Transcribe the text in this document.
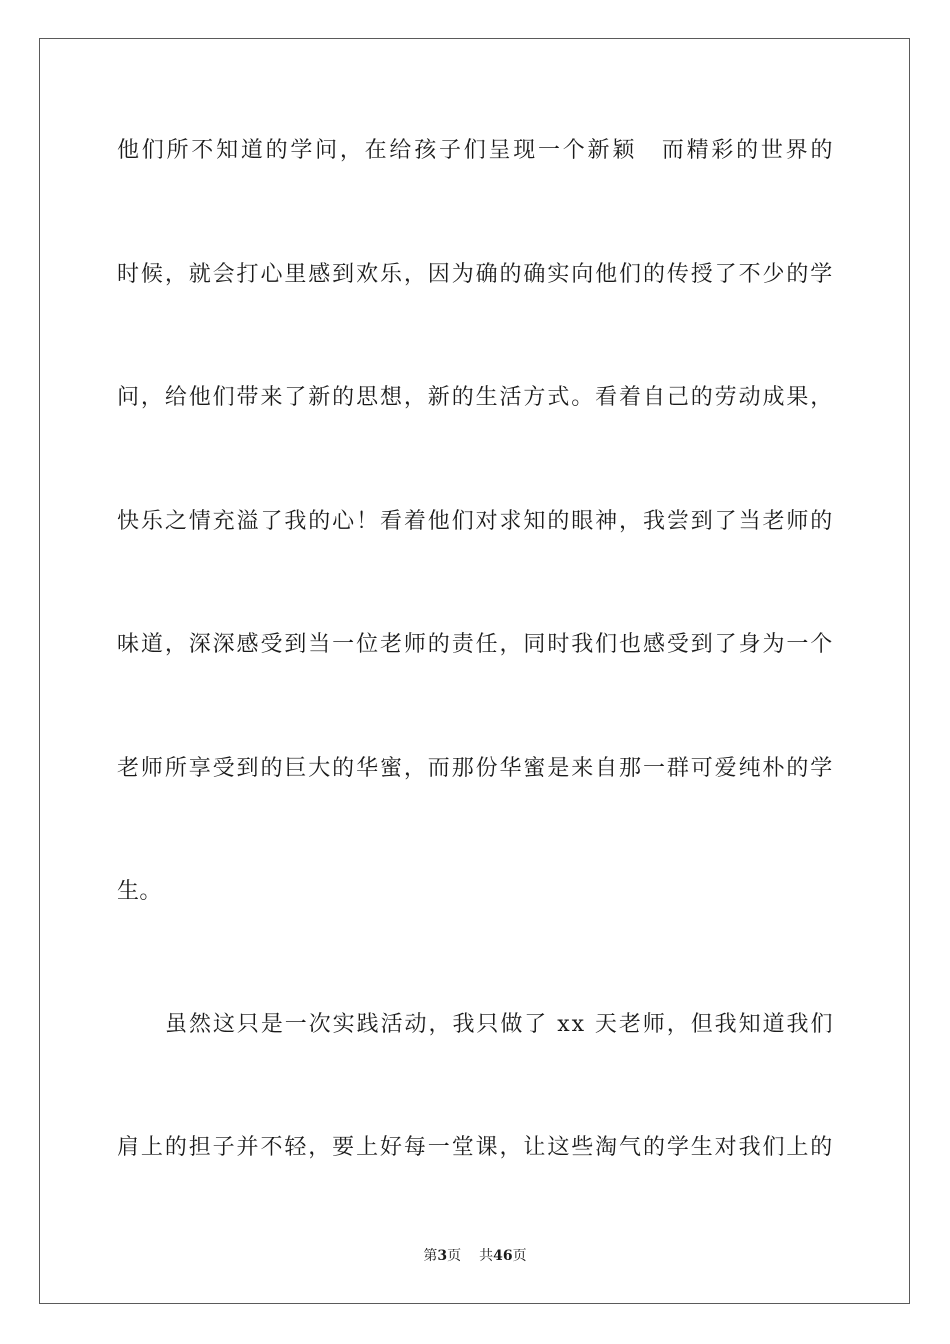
他 们 所 不 知 道 的 学 问 ， 在 给 孩 子 们 呈 现 一 个 新 颖
　 而 精 彩 的 世 界 的
时 候 ， 就 会 打 心 里 感 到 欢 乐 ， 因 为 确 的 确 实 向 他 们 的 传 授 了 不 少 的 学
问 ， 给 他 们 带 来 了 新 的 思 想 ， 新 的 生 活 方 式 。 看 着 自 己 的 劳 动 成 果 ，
快 乐 之 情 充 溢 了 我 的 心 ！ 看 着 他 们 对 求 知 的 眼 神 ， 我 尝 到 了 当 老 师 的
味 道 ， 深 深 感 受 到 当 一 位 老 师 的 责 任 ， 同 时 我 们 也 感 受 到 了 身 为 一 个
老 师 所 享 受 到 的 巨 大 的 华 蜜 ， 而 那 份 华 蜜 是 来 自 那 一 群 可 爱 纯 朴 的 学
生。
虽 然 这 只 是 一 次 实 践 活 动 ， 我 只 做 了
x x
天 老 师 ， 但 我 知 道 我 们
肩 上 的 担 子 并 不 轻 ， 要 上 好 每 一 堂 课 ， 让 这 些 淘 气 的 学 生 对 我 们 上 的
第3页 共46页
